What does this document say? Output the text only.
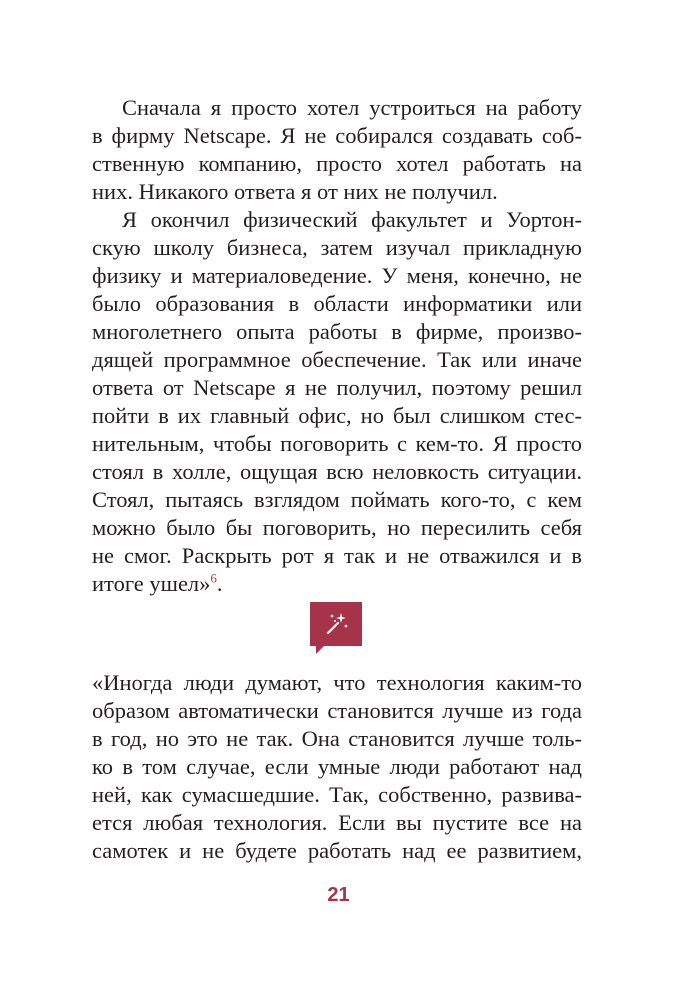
Сначала я просто хотел устроиться на работу
в фирму Netscape. Я не собирался создавать соб-
ственную компанию, просто хотел работать на
них. Никакого ответа я от них не получил.
Я окончил физический факультет и Уортон-
скую школу бизнеса, затем изучал прикладную
физику и материаловедение. У меня, конечно, не
было образования в области информатики или
многолетнего опыта работы в фирме, произво-
дящей программное обеспечение. Так или иначе
ответа от Netscape я не получил, поэтому решил
пойти в их главный офис, но был слишком стес-
нительным, чтобы поговорить с кем-то. Я просто
стоял в холле, ощущая всю неловкость ситуации.
Стоял, пытаясь взглядом поймать кого-то, с кем
можно было бы поговорить, но пересилить себя
не смог. Раскрыть рот я так и не отважился и в
итоге ушел»$^6$.
«Иногда люди думают, что технология каким-то
образом автоматически становится лучше из года
в год, но это не так. Она становится лучше толь-
ко в том случае, если умные люди работают над
ней, как сумасшедшие. Так, собственно, развива-
ется любая технология. Если вы пустите все на
самотек и не будете работать над ее развитием,
21
